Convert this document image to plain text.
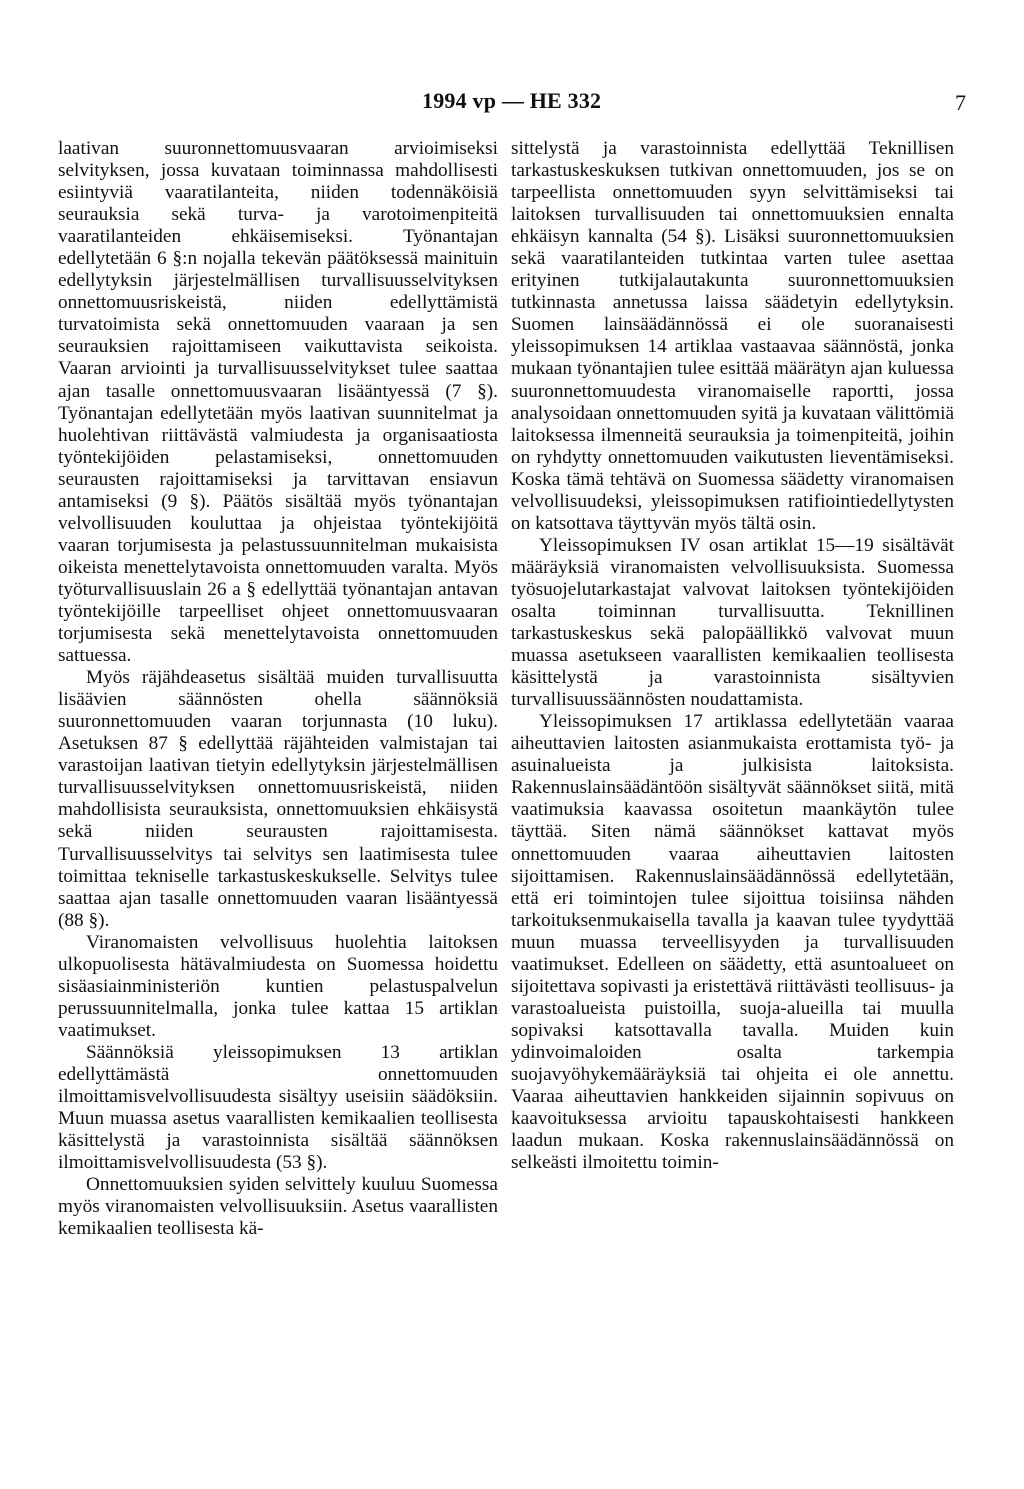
1994 vp — HE 332	7

laativan suuronnettomuusvaaran arvioimiseksi selvityksen, jossa kuvataan toiminnassa mahdollisesti esiintyviä vaaratilanteita, niiden todennäköisiä seurauksia sekä turva- ja varotoimenpiteitä vaaratilanteiden ehkäisemiseksi. Työnantajan edellytetään 6 §:n nojalla tekevän päätöksessä mainituin edellytyksin järjestelmällisen turvallisuusselvityksen onnettomuusriskeistä, niiden edellyttämistä turvatoimista sekä onnettomuuden vaaraan ja sen seurauksien rajoittamiseen vaikuttavista seikoista. Vaaran arviointi ja turvallisuusselvitykset tulee saattaa ajan tasalle onnettomuusvaaran lisääntyessä (7 §). Työnantajan edellytetään myös laativan suunnitelmat ja huolehtivan riittävästä valmiudesta ja organisaatiosta työntekijöiden pelastamiseksi, onnettomuuden seurausten rajoittamiseksi ja tarvittavan ensiavun antamiseksi (9 §). Päätös sisältää myös työnantajan velvollisuuden kouluttaa ja ohjeistaa työntekijöitä vaaran torjumisesta ja pelastussuunnitelman mukaisista oikeista menettelytavoista onnettomuuden varalta. Myös työturvallisuuslain 26 a § edellyttää työnantajan antavan työntekijöille tarpeelliset ohjeet onnettomuusvaaran torjumisesta sekä menettelytavoista onnettomuuden sattuessa.

Myös räjähdeasetus sisältää muiden turvallisuutta lisäävien säännösten ohella säännöksiä suuronnettomuuden vaaran torjunnasta (10 luku). Asetuksen 87 § edellyttää räjähteiden valmistajan tai varastoijan laativan tietyin edellytyksin järjestelmällisen turvallisuusselvityksen onnettomuusriskeistä, niiden mahdollisista seurauksista, onnettomuuksien ehkäisystä sekä niiden seurausten rajoittamisesta. Turvallisuusselvitys tai selvitys sen laatimisesta tulee toimittaa tekniselle tarkastuskeskukselle. Selvitys tulee saattaa ajan tasalle onnettomuuden vaaran lisääntyessä (88 §).

Viranomaisten velvollisuus huolehtia laitoksen ulkopuolisesta hätävalmiudesta on Suomessa hoidettu sisäasiainministeriön kuntien pelastuspalvelun perussuunnitelmalla, jonka tulee kattaa 15 artiklan vaatimukset.

Säännöksiä yleissopimuksen 13 artiklan edellyttämästä onnettomuuden ilmoittamisvelvollisuudesta sisältyy useisiin säädöksiin. Muun muassa asetus vaarallisten kemikaalien teollisesta käsittelystä ja varastoinnista sisältää säännöksen ilmoittamisvelvollisuudesta (53 §).

Onnettomuuksien syiden selvittely kuuluu Suomessa myös viranomaisten velvollisuuksiin. Asetus vaarallisten kemikaalien teollisesta kä-

sittelystä ja varastoinnista edellyttää Teknillisen tarkastuskeskuksen tutkivan onnettomuuden, jos se on tarpeellista onnettomuuden syyn selvittämiseksi tai laitoksen turvallisuuden tai onnettomuuksien ennalta ehkäisyn kannalta (54 §). Lisäksi suuronnettomuuksien sekä vaaratilanteiden tutkintaa varten tulee asettaa erityinen tutkijalautakunta suuronnettomuuksien tutkinnasta annetussa laissa säädetyin edellytyksin. Suomen lainsäädännössä ei ole suoranaisesti yleissopimuksen 14 artiklaa vastaavaa säännöstä, jonka mukaan työnantajien tulee esittää määrätyn ajan kuluessa suuronnettomuudesta viranomaiselle raportti, jossa analysoidaan onnettomuuden syitä ja kuvataan välittömiä laitoksessa ilmenneitä seurauksia ja toimenpiteitä, joihin on ryhdytty onnettomuuden vaikutusten lieventämiseksi. Koska tämä tehtävä on Suomessa säädetty viranomaisen velvollisuudeksi, yleissopimuksen ratifiointiedellytysten on katsottava täyttyvän myös tältä osin.

Yleissopimuksen IV osan artiklat 15—19 sisältävät määräyksiä viranomaisten velvollisuuksista. Suomessa työsuojelutarkastajat valvovat laitoksen työntekijöiden osalta toiminnan turvallisuutta. Teknillinen tarkastuskeskus sekä palopäällikkö valvovat muun muassa asetukseen vaarallisten kemikaalien teollisesta käsittelystä ja varastoinnista sisältyvien turvallisuussäännösten noudattamista.

Yleissopimuksen 17 artiklassa edellytetään vaaraa aiheuttavien laitosten asianmukaista erottamista työ- ja asuinalueista ja julkisista laitoksista. Rakennuslainsäädäntöön sisältyvät säännökset siitä, mitä vaatimuksia kaavassa osoitetun maankäytön tulee täyttää. Siten nämä säännökset kattavat myös onnettomuuden vaaraa aiheuttavien laitosten sijoittamisen. Rakennuslainsäädännössä edellytetään, että eri toimintojen tulee sijoittua toisiinsa nähden tarkoituksenmukaisella tavalla ja kaavan tulee tyydyttää muun muassa terveellisyyden ja turvallisuuden vaatimukset. Edelleen on säädetty, että asuntoalueet on sijoitettava sopivasti ja eristettävä riittävästi teollisuus- ja varastoalueista puistoilla, suoja-alueilla tai muulla sopivaksi katsottavalla tavalla. Muiden kuin ydinvoimaloiden osalta tarkempia suojavyöhykemääräyksiä tai ohjeita ei ole annettu. Vaaraa aiheuttavien hankkeiden sijainnin sopivuus on kaavoituksessa arvioitu tapauskohtaisesti hankkeen laadun mukaan. Koska rakennuslainsäädännössä on selkeästi ilmoitettu toimin-
